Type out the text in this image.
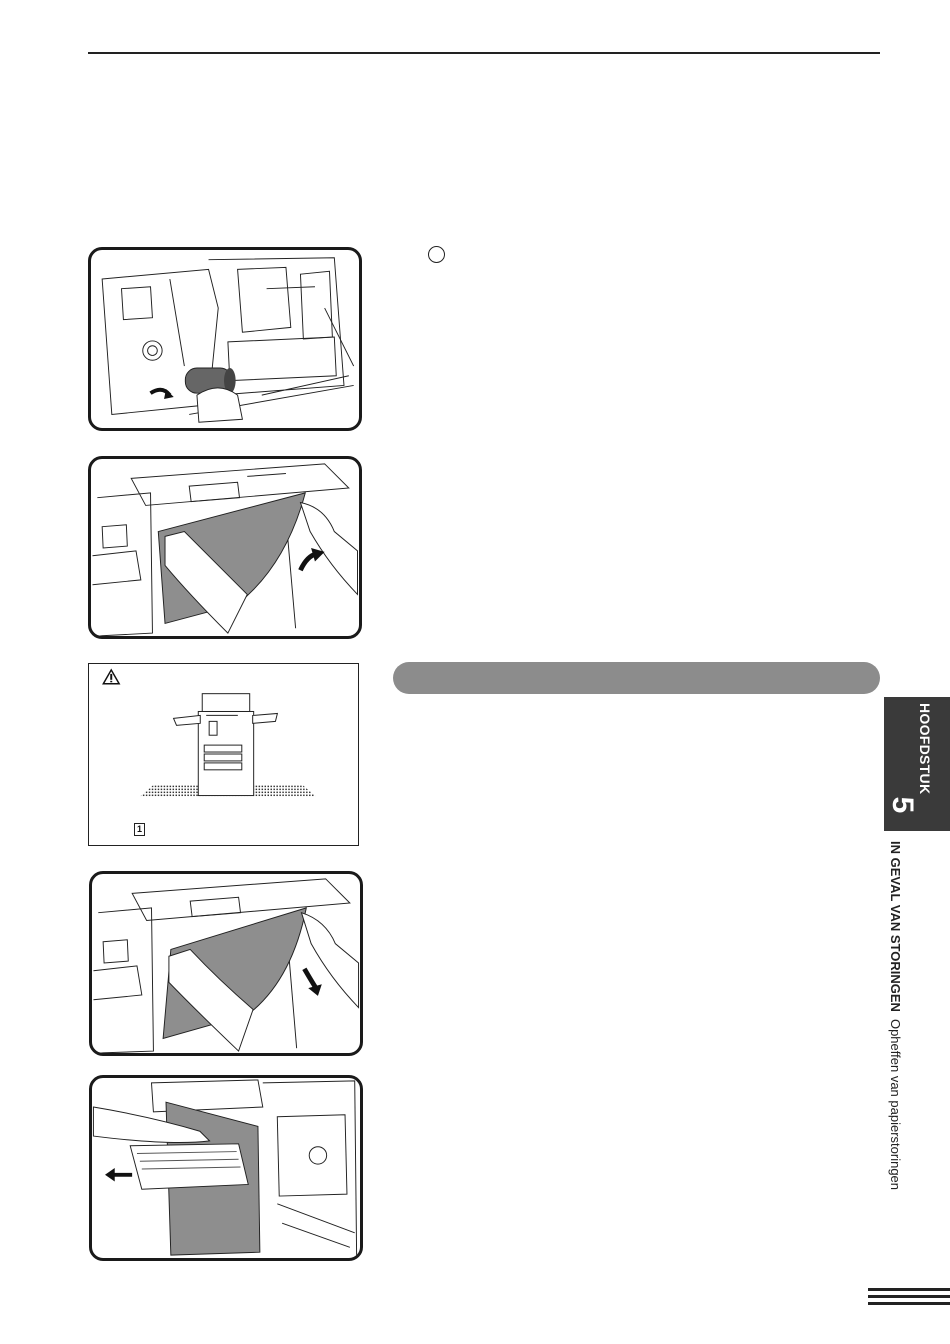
1
HOOFDSTUK
5
IN GEVAL VAN STORINGENOpheffen van papierstoringen
